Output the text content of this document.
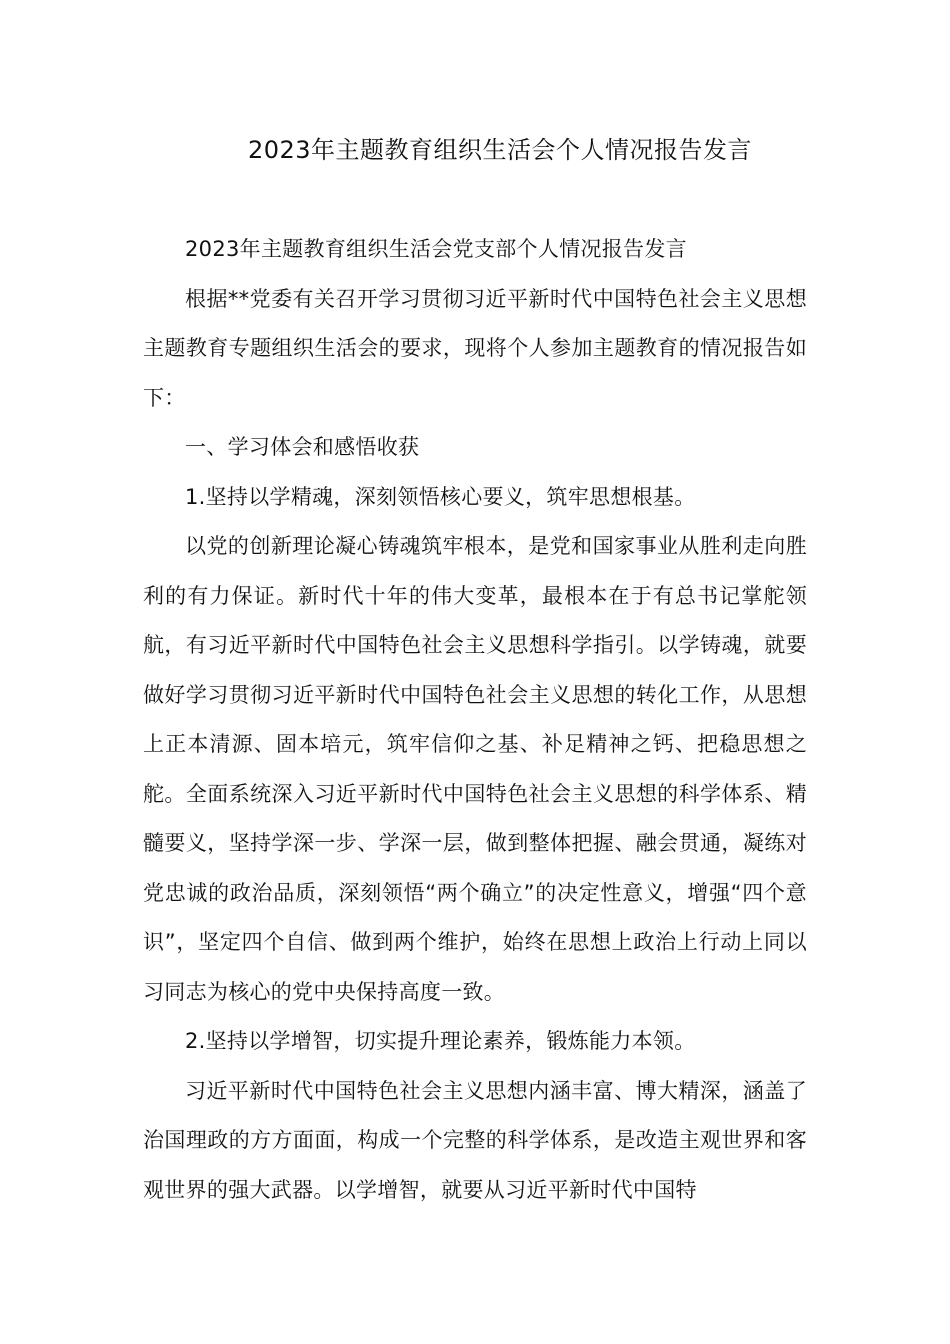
2023年主题教育组织生活会个人情况报告发言

2023年主题教育组织生活会党支部个人情况报告发言

根据**党委有关召开学习贯彻习近平新时代中国特色社会主义思想主题教育专题组织生活会的要求，现将个人参加主题教育的情况报告如下：

一、学习体会和感悟收获

1.坚持以学精魂，深刻领悟核心要义，筑牢思想根基。

以党的创新理论凝心铸魂筑牢根本，是党和国家事业从胜利走向胜利的有力保证。新时代十年的伟大变革，最根本在于有总书记掌舵领航，有习近平新时代中国特色社会主义思想科学指引。以学铸魂，就要做好学习贯彻习近平新时代中国特色社会主义思想的转化工作，从思想上正本清源、固本培元，筑牢信仰之基、补足精神之钙、把稳思想之舵。全面系统深入习近平新时代中国特色社会主义思想的科学体系、精髓要义，坚持学深一步、学深一层，做到整体把握、融会贯通，凝练对党忠诚的政治品质，深刻领悟“两个确立”的决定性意义，增强“四个意识”，坚定四个自信、做到两个维护，始终在思想上政治上行动上同以习同志为核心的党中央保持高度一致。

2.坚持以学增智，切实提升理论素养，锻炼能力本领。

习近平新时代中国特色社会主义思想内涵丰富、博大精深，涵盖了治国理政的方方面面，构成一个完整的科学体系，是改造主观世界和客观世界的强大武器。以学增智，就要从习近平新时代中国特
